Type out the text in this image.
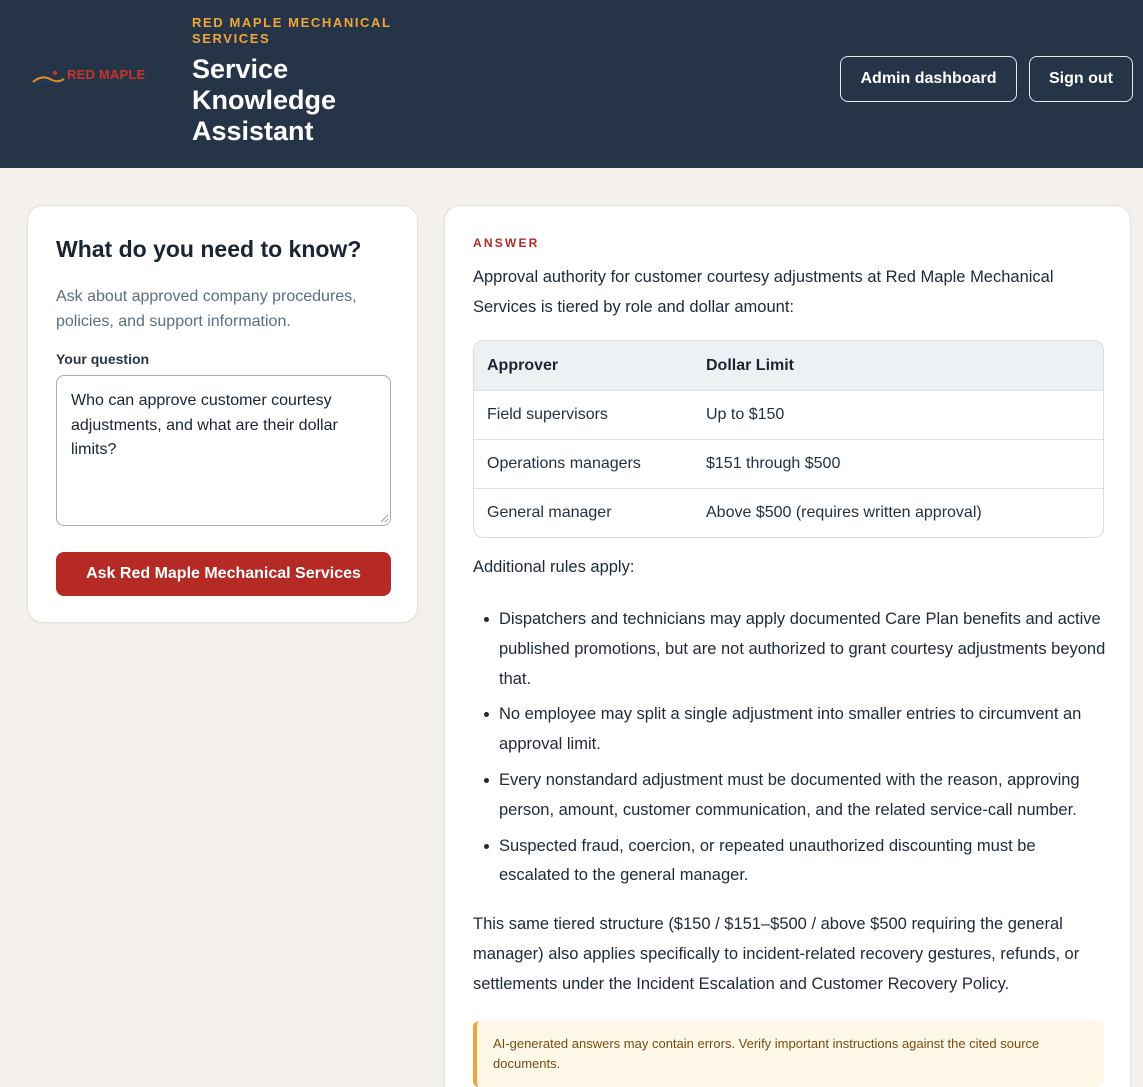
RED MAPLE
RED MAPLE MECHANICAL SERVICES
Service Knowledge Assistant
Admin dashboard	Sign out
What do you need to know?

Ask about approved company procedures, policies, and support information.

Your question
Who can approve customer courtesy adjustments, and what are their dollar limits?
Ask Red Maple Mechanical Services
ANSWER

Approval authority for customer courtesy adjustments at Red Maple Mechanical Services is tiered by role and dollar amount:

Approver	Dollar Limit
Field supervisors	Up to $150
Operations managers	$151 through $500
General manager	Above $500 (requires written approval)

Additional rules apply:

Dispatchers and technicians may apply documented Care Plan benefits and active published promotions, but are not authorized to grant courtesy adjustments beyond that.
No employee may split a single adjustment into smaller entries to circumvent an approval limit.
Every nonstandard adjustment must be documented with the reason, approving person, amount, customer communication, and the related service-call number.
Suspected fraud, coercion, or repeated unauthorized discounting must be escalated to the general manager.

This same tiered structure ($150 / $151–$500 / above $500 requiring the general manager) also applies specifically to incident-related recovery gestures, refunds, or settlements under the Incident Escalation and Customer Recovery Policy.

AI-generated answers may contain errors. Verify important instructions against the cited source documents.
